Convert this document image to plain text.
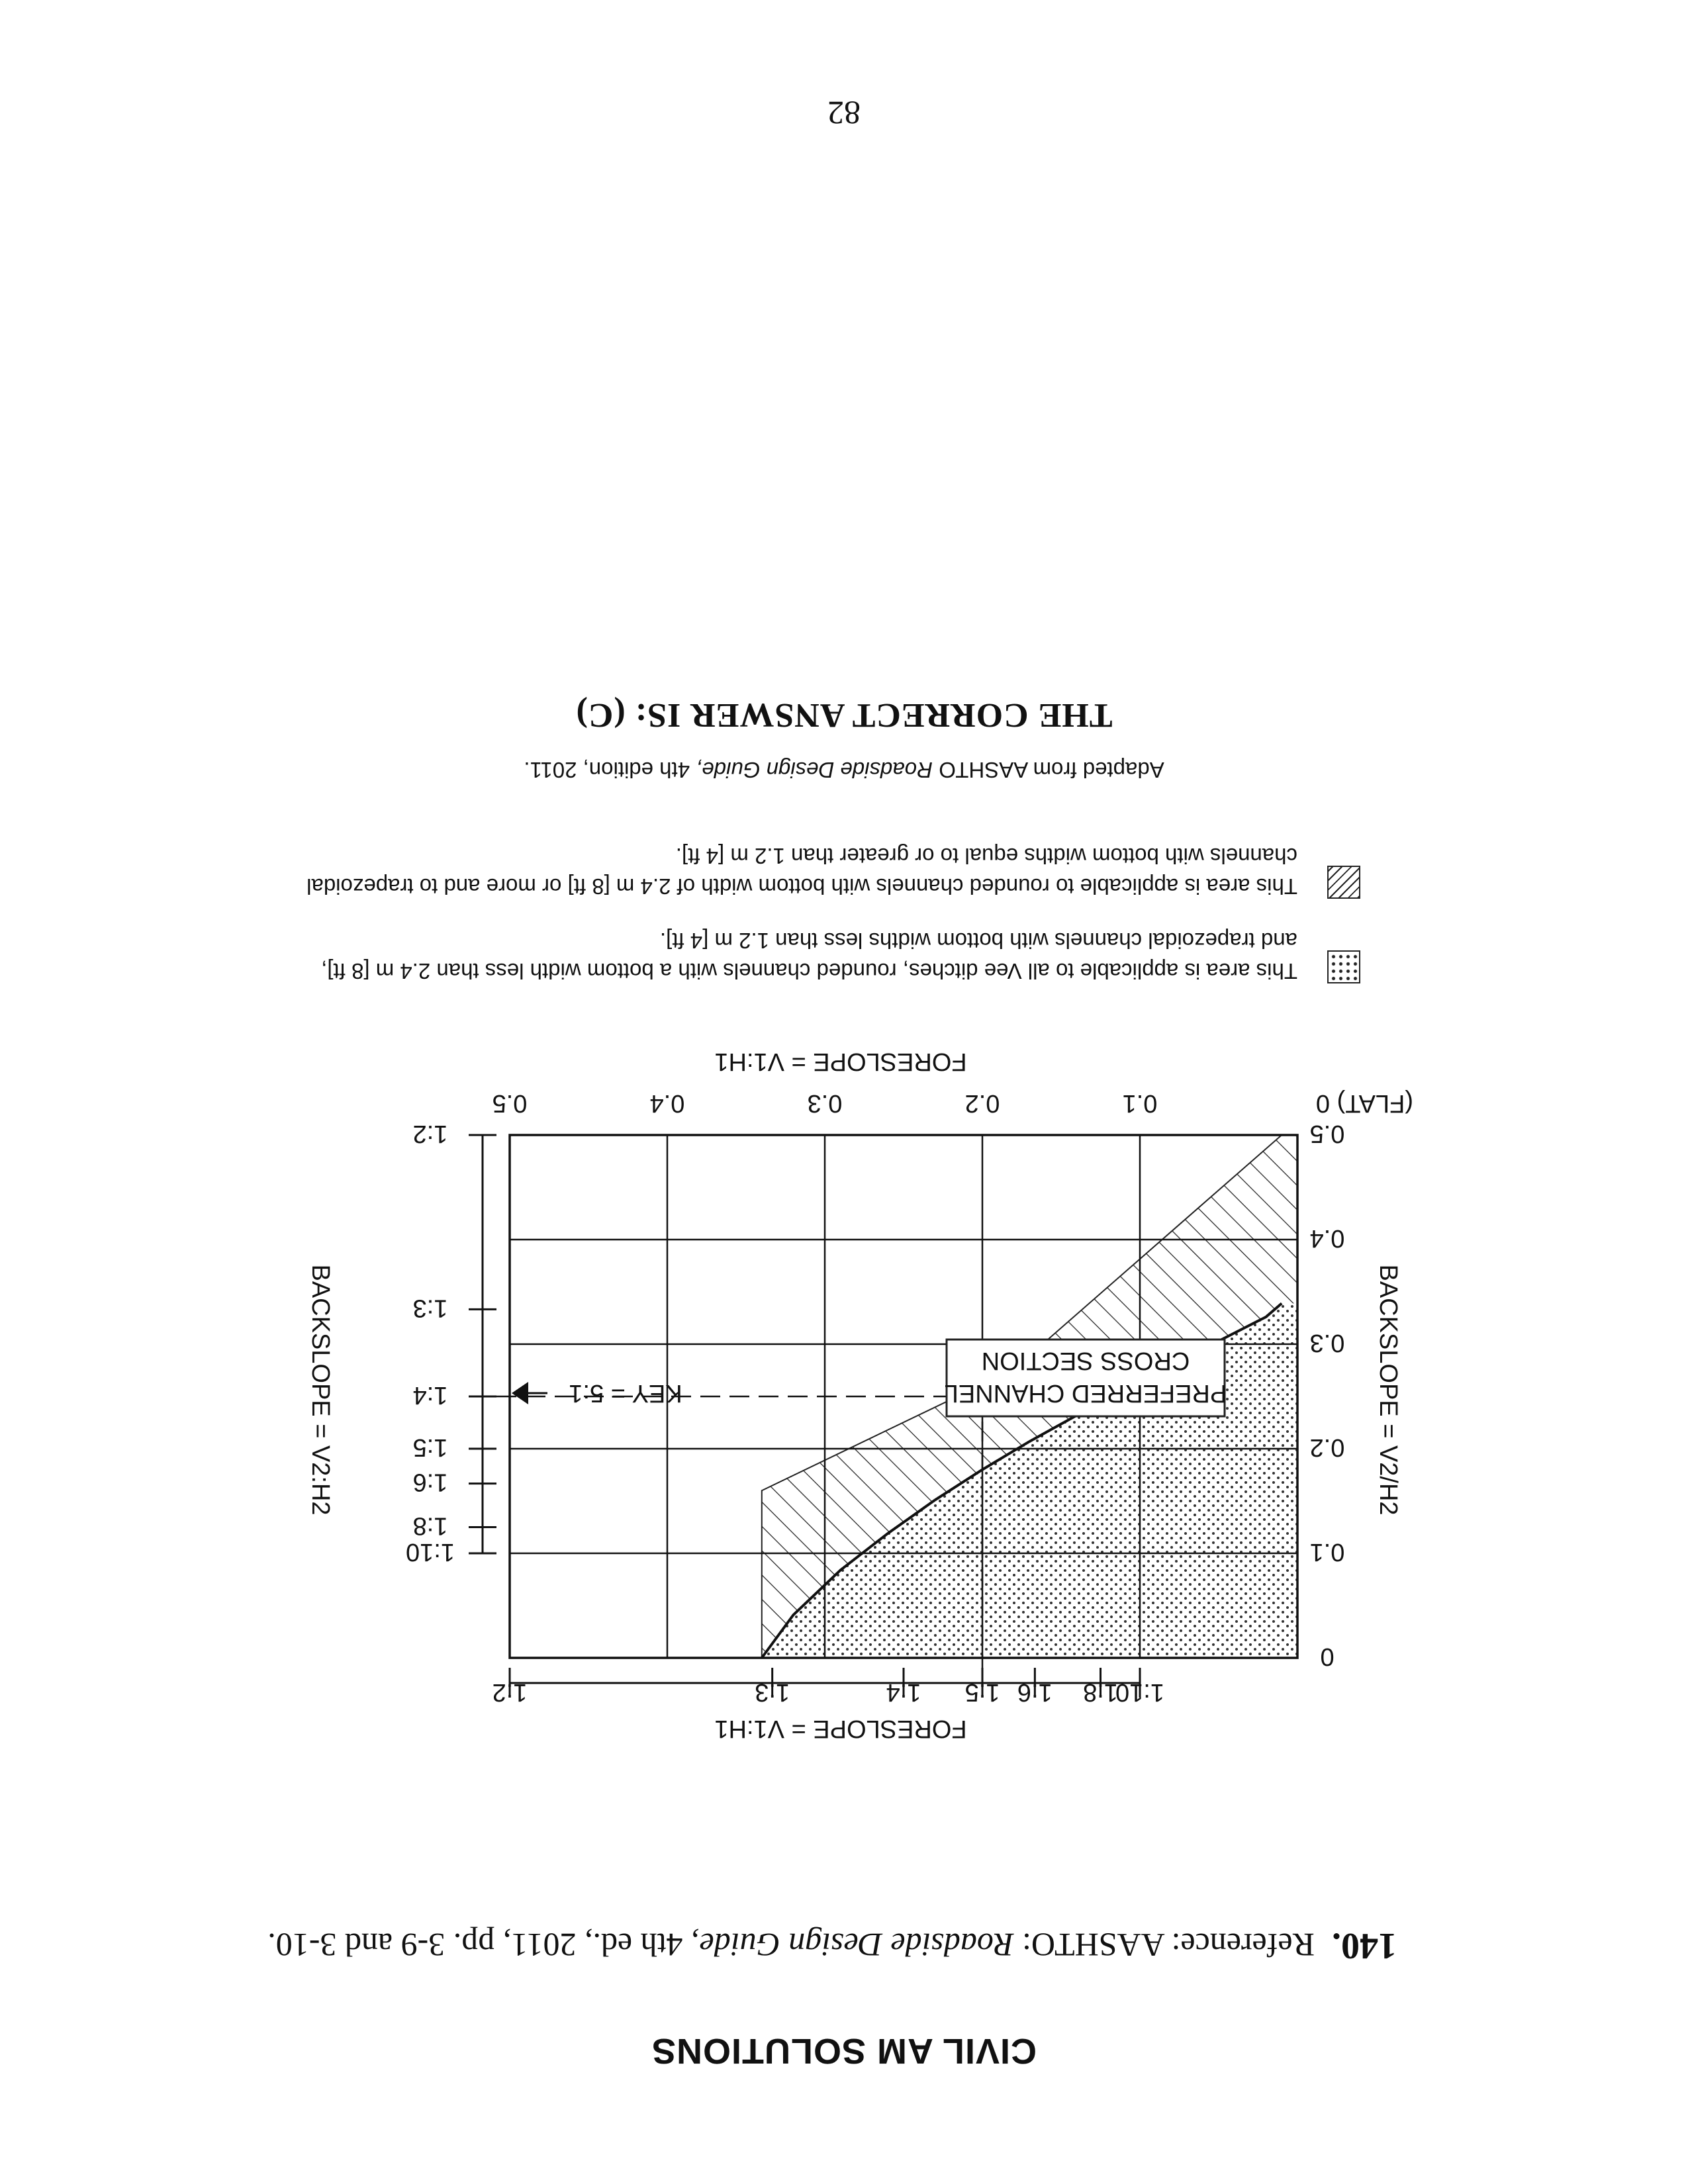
CIVIL AM SOLUTIONS
140.Reference: AASHTO: Roadside Design Guide, 4th ed., 2011, pp. 3-9 and 3-10.
(FLAT) 0
0.1
0.2
0.3
0.4
0.5
0
0.1
0.2
0.3
0.4
0.5
1:10
1:8
1:6
1:5
1:4
1:3
1:2
1:10
1:8
1:6
1:5
1:4
1:3
1:2
PREFERRED CHANNEL
CROSS SECTION
KEY = 5:1
FORESLOPE = V1:H1
FORESLOPE = V1:H1
BACKSLOPE = V2/H2
BACKSLOPE = V2:H2
This area is applicable to all Vee ditches, rounded channels with a bottom width less than 2.4 m [8 ft], and trapezoidal channels with bottom widths less than 1.2 m [4 ft].
This area is applicable to rounded channels with bottom width of 2.4 m [8 ft] or more and to trapezoidal channels with bottom widths equal to or greater than 1.2 m [4 ft].
Adapted from AASHTO Roadside Design Guide, 4th edition, 2011.
THE CORRECT ANSWER IS: (C)
82
